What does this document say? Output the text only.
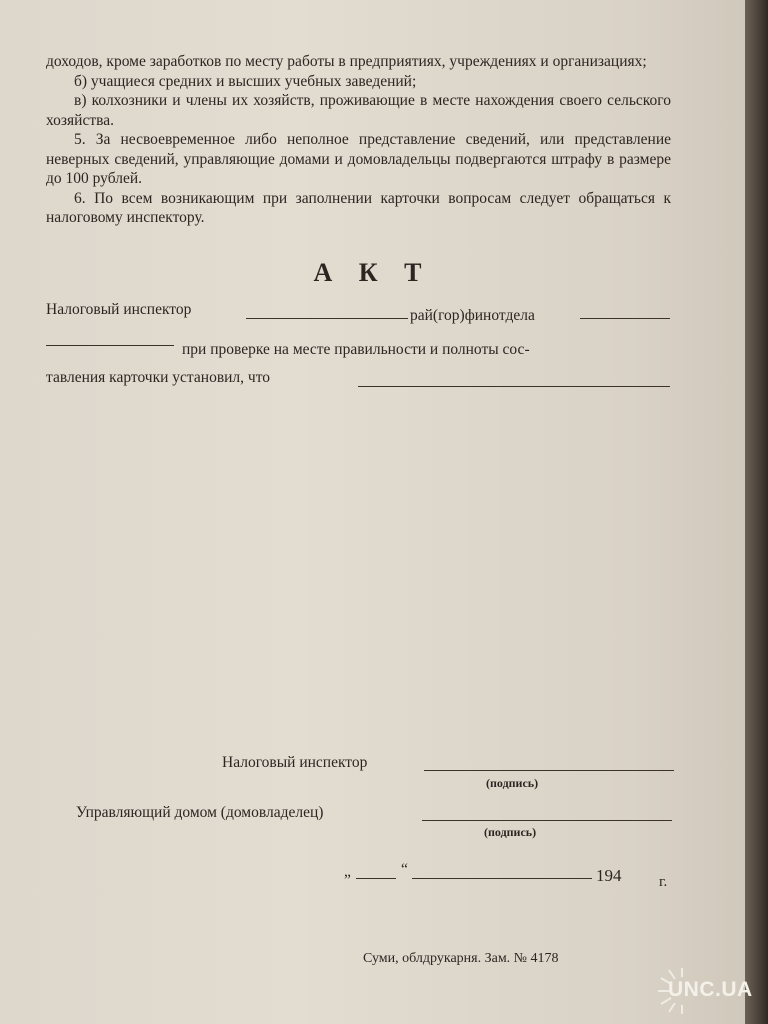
доходов, кроме заработков по месту работы в предприятиях, учреждениях и организациях;

б) учащиеся средних и высших учебных заведений;

в) колхозники и члены их хозяйств, проживающие в месте нахождения своего сельского хозяйства.

5. За несвоевременное либо неполное представление сведений, или представление неверных сведений, управляющие домами и домовладельцы подвергаются штрафу в размере до 100 рублей.

6. По всем возникающим при заполнении карточки вопросам следует обращаться к налоговому инспектору.

А К Т
Налоговый инспектор	рай(гор)финотдела
при проверке на месте правильности и полноты сос-
тавления карточки установил, что
Налоговый инспектор
(подпись)
Управляющий домом (домовладелец)
(подпись)
„	“	194	г.
Суми, облдрукарня. Зам. № 4178
UNC.UA
